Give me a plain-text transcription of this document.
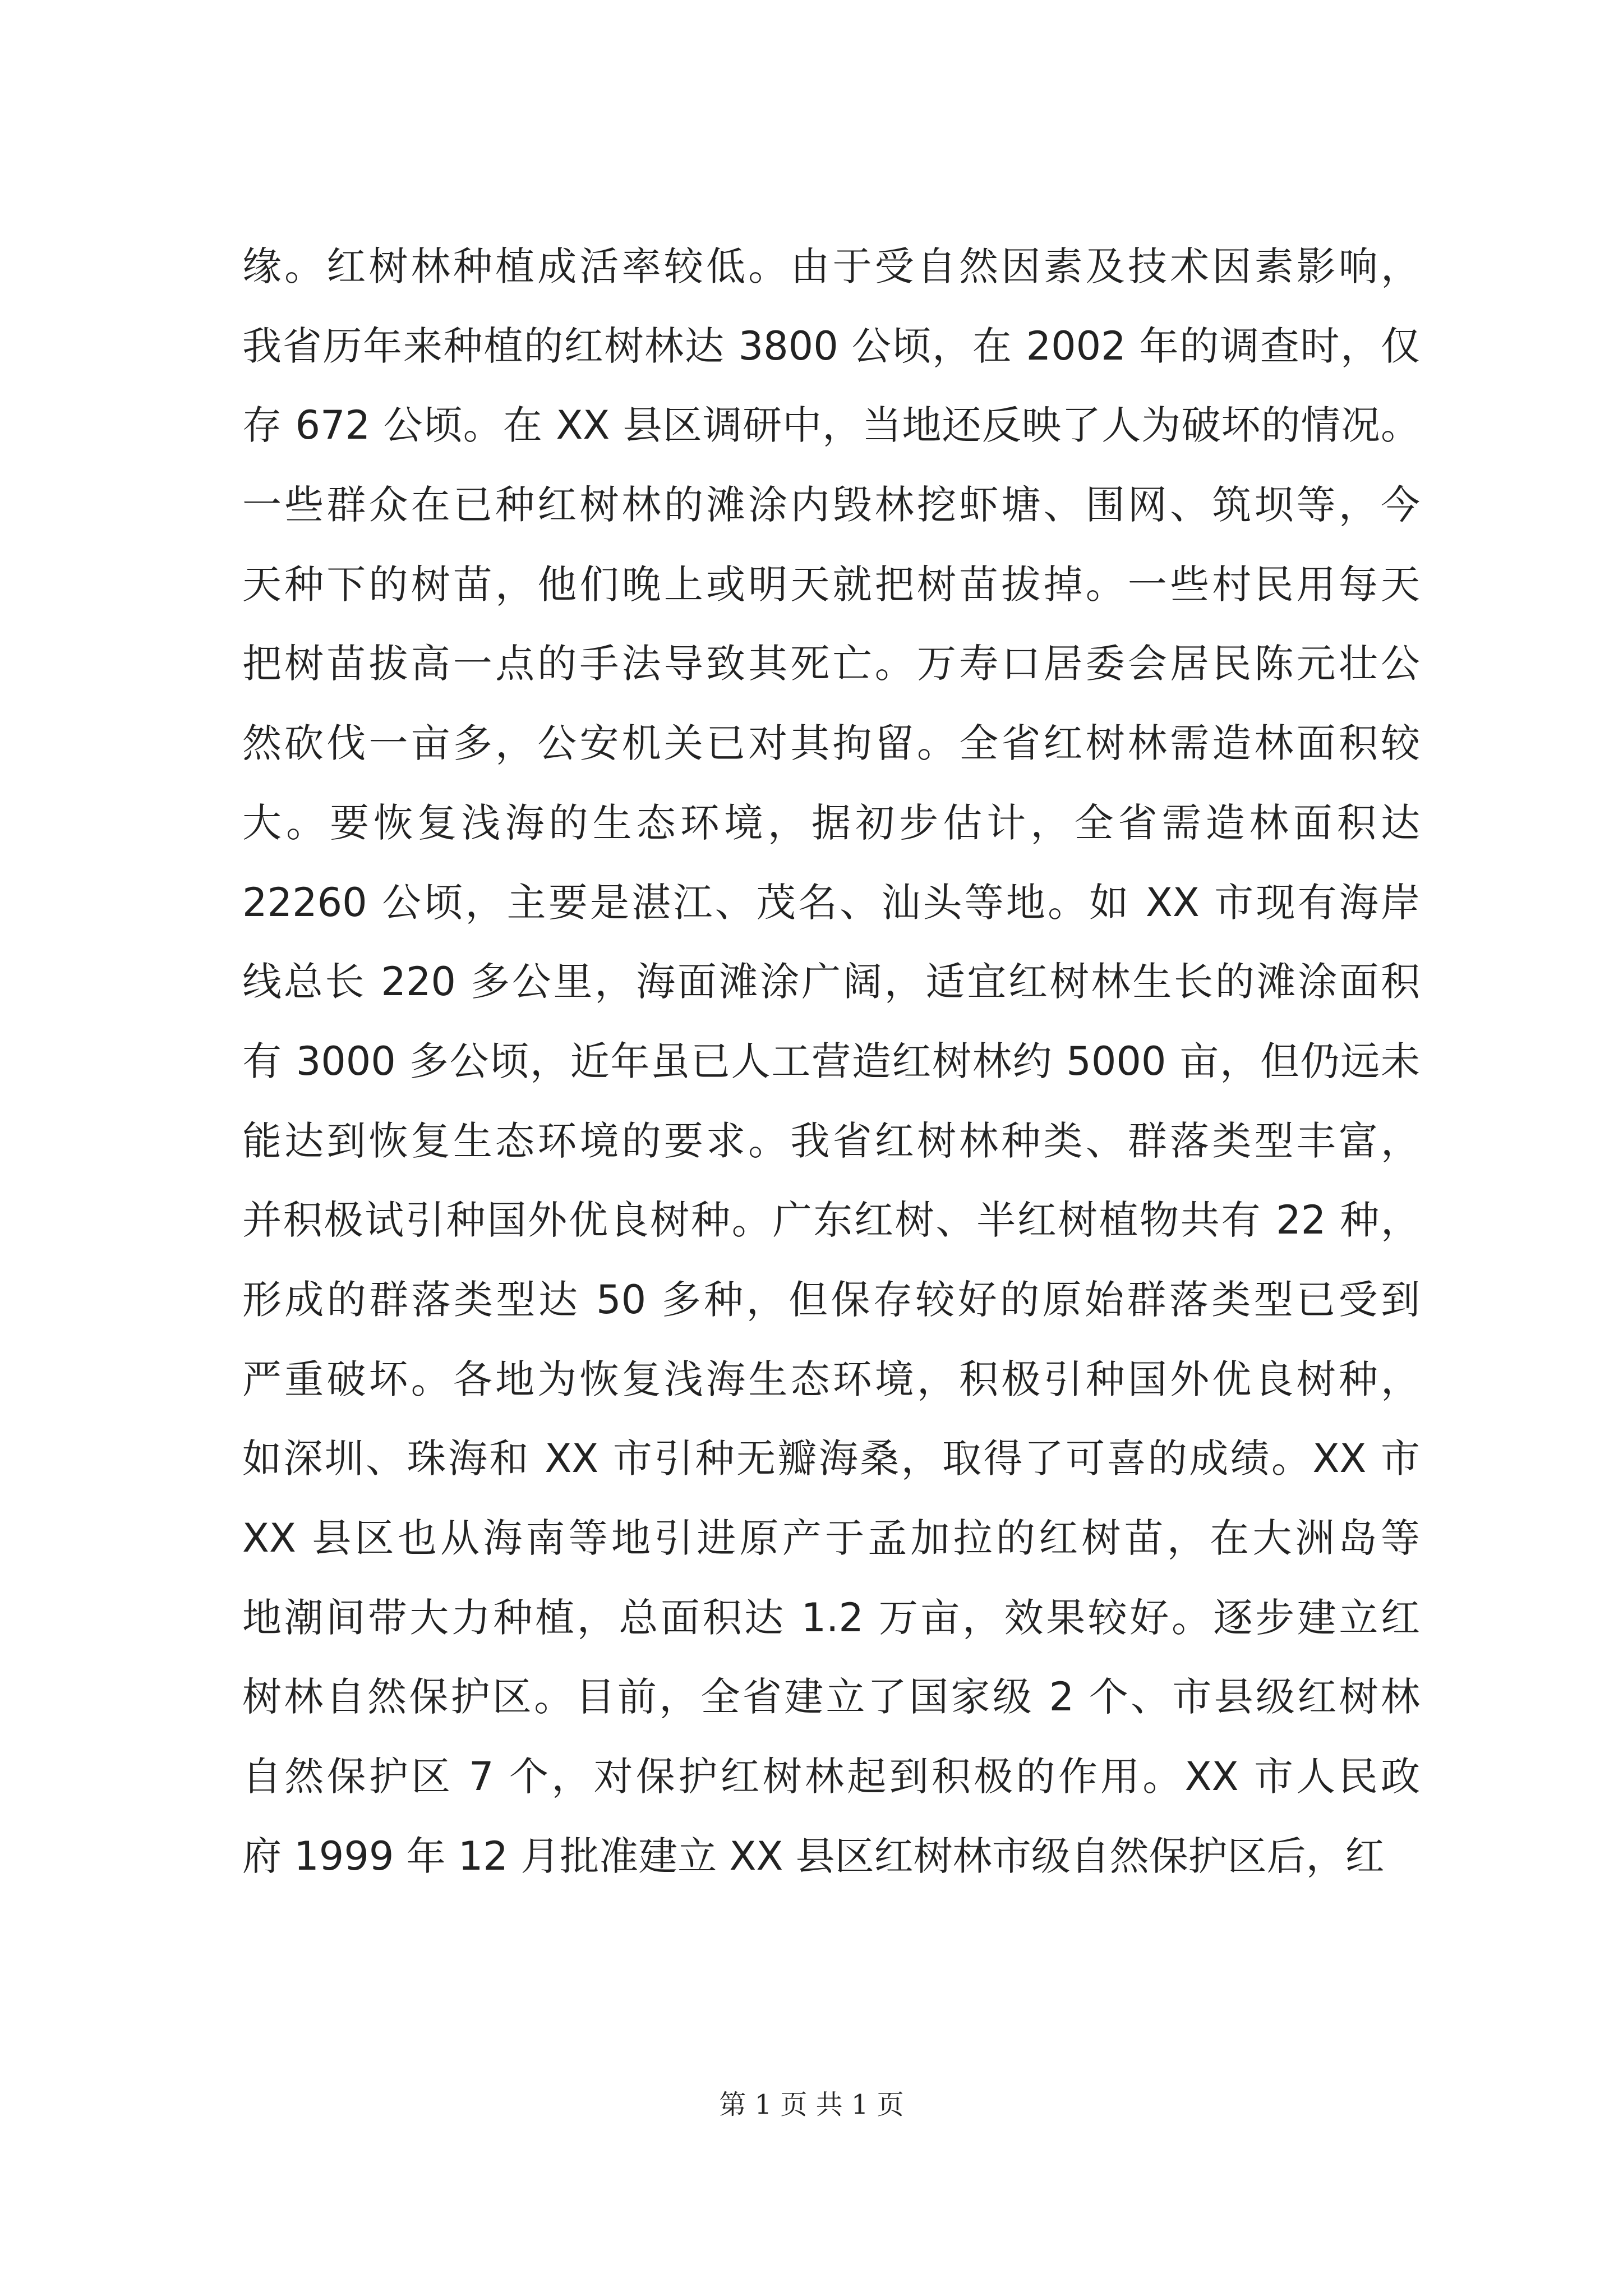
缘。红树林种植成活率较低。由于受自然因素及技术因素影响，
我省历年来种植的红树林达 3800 公顷，在 2002 年的调查时，仅
存 672 公顷。在 XX 县区调研中，当地还反映了人为破坏的情况。
一些群众在已种红树林的滩涂内毁林挖虾塘、围网、筑坝等，今
天种下的树苗，他们晚上或明天就把树苗拔掉。一些村民用每天
把树苗拔高一点的手法导致其死亡。万寿口居委会居民陈元壮公
然砍伐一亩多，公安机关已对其拘留。全省红树林需造林面积较
大。要恢复浅海的生态环境，据初步估计，全省需造林面积达
22260 公顷，主要是湛江、茂名、汕头等地。如 XX 市现有海岸
线总长 220 多公里，海面滩涂广阔，适宜红树林生长的滩涂面积
有 3000 多公顷，近年虽已人工营造红树林约 5000 亩，但仍远未
能达到恢复生态环境的要求。我省红树林种类、群落类型丰富，
并积极试引种国外优良树种。广东红树、半红树植物共有 22 种，
形成的群落类型达 50 多种，但保存较好的原始群落类型已受到
严重破坏。各地为恢复浅海生态环境，积极引种国外优良树种，
如深圳、珠海和 XX 市引种无瓣海桑，取得了可喜的成绩。XX 市
XX 县区也从海南等地引进原产于孟加拉的红树苗，在大洲岛等
地潮间带大力种植，总面积达 1.2 万亩，效果较好。逐步建立红
树林自然保护区。目前，全省建立了国家级 2 个、市县级红树林
自然保护区 7 个，对保护红树林起到积极的作用。XX 市人民政
府 1999 年 12 月批准建立 XX 县区红树林市级自然保护区后，红
第 1 页 共 1 页
